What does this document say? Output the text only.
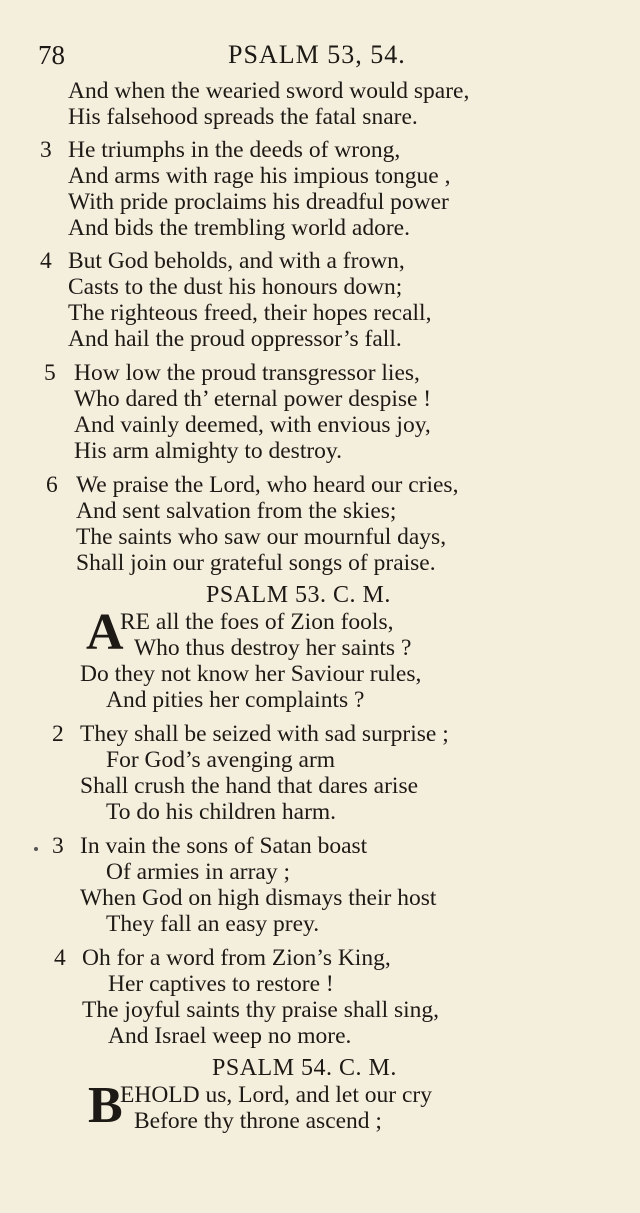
78	PSALM 53, 54.
And when the wearied sword would spare,
His falsehood spreads the fatal snare.
3 He triumphs in the deeds of wrong,
And arms with rage his impious tongue ,
With pride proclaims his dreadful power
And bids the trembling world adore.
4 But God beholds, and with a frown,
Casts to the dust his honours down;
The righteous freed, their hopes recall,
And hail the proud oppressor’s fall.
5 How low the proud transgressor lies,
Who dared th’ eternal power despise !
And vainly deemed, with envious joy,
His arm almighty to destroy.
6 We praise the Lord, who heard our cries,
And sent salvation from the skies;
The saints who saw our mournful days,
Shall join our grateful songs of praise.
PSALM 53. C. M.
A
RE all the foes of Zion fools,
Who thus destroy her saints ?
Do they not know her Saviour rules,
And pities her complaints ?
2 They shall be seized with sad surprise ;
For God’s avenging arm
Shall crush the hand that dares arise
To do his children harm.
3 In vain the sons of Satan boast
Of armies in array ;
When God on high dismays their host
They fall an easy prey.
4 Oh for a word from Zion’s King,
Her captives to restore !
The joyful saints thy praise shall sing,
And Israel weep no more.
PSALM 54. C. M.
B
EHOLD us, Lord, and let our cry
Before thy throne ascend ;
